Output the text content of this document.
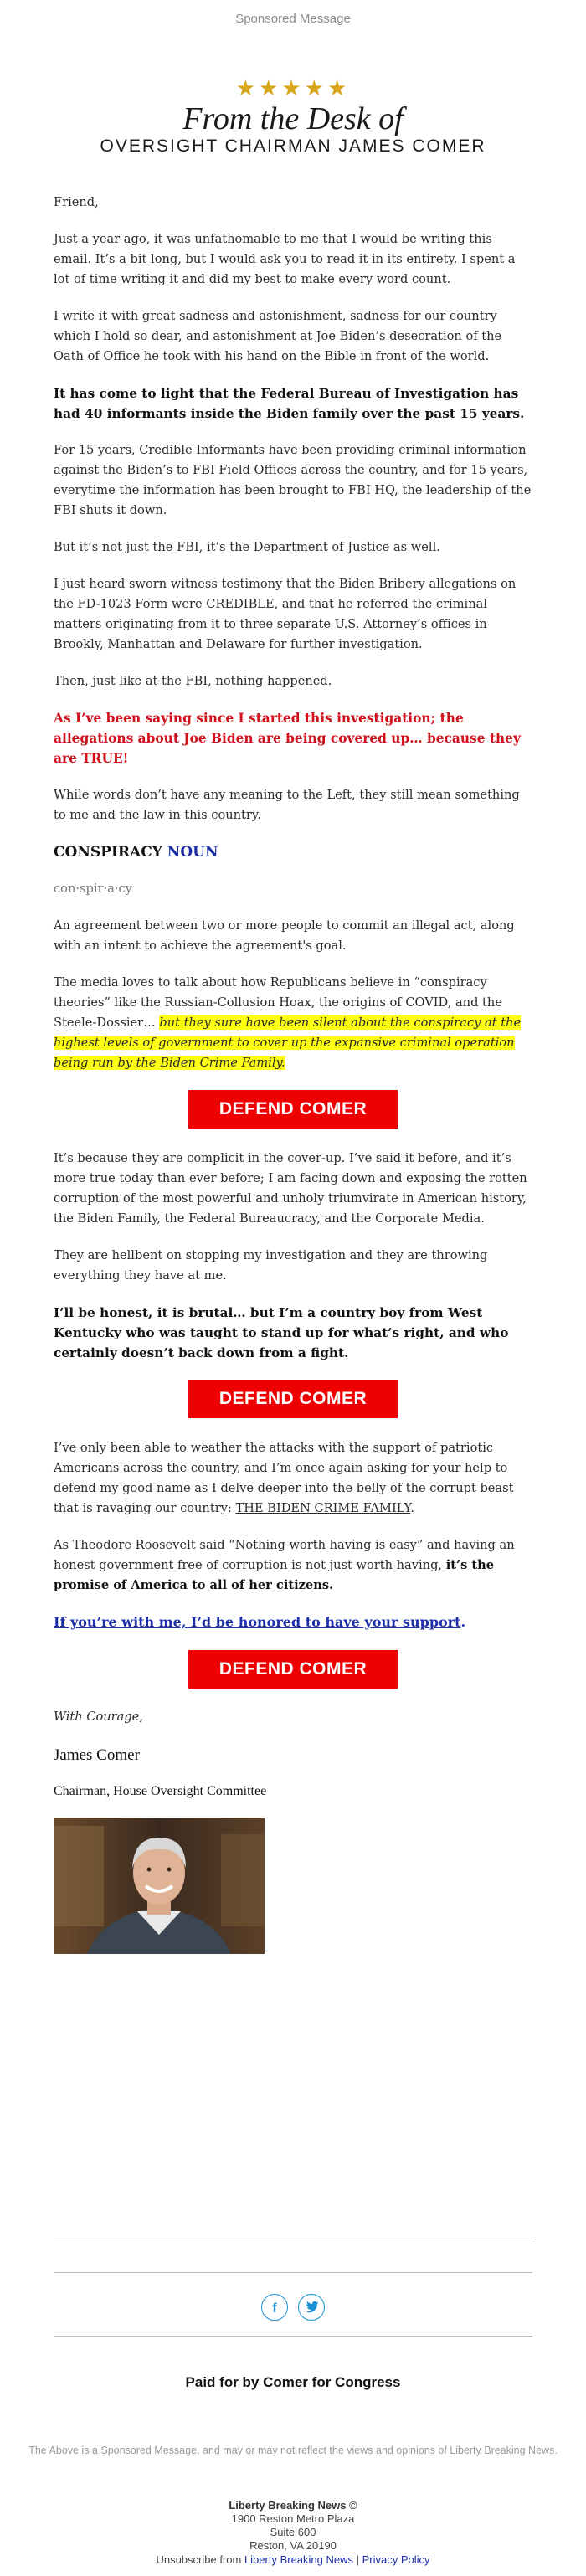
Sponsored Message
★★★★★
From the Desk of
OVERSIGHT CHAIRMAN JAMES COMER

Friend,

Just a year ago, it was unfathomable to me that I would be writing this email. It’s a bit long, but I would ask you to read it in its entirety. I spent a lot of time writing it and did my best to make every word count.

I write it with great sadness and astonishment, sadness for our country which I hold so dear, and astonishment at Joe Biden’s desecration of the Oath of Office he took with his hand on the Bible in front of the world.

It has come to light that the Federal Bureau of Investigation has had 40 informants inside the Biden family over the past 15 years.

For 15 years, Credible Informants have been providing criminal information against the Biden’s to FBI Field Offices across the country, and for 15 years, everytime the information has been brought to FBI HQ, the leadership of the FBI shuts it down.

But it’s not just the FBI, it’s the Department of Justice as well.

I just heard sworn witness testimony that the Biden Bribery allegations on the FD-1023 Form were CREDIBLE, and that he referred the criminal matters originating from it to three separate U.S. Attorney’s offices in Brookly, Manhattan and Delaware for further investigation.

Then, just like at the FBI, nothing happened.

As I’ve been saying since I started this investigation; the allegations about Joe Biden are being covered up… because they are TRUE!

While words don’t have any meaning to the Left, they still mean something to me and the law in this country.

CONSPIRACY NOUN

con·spir·a·cy

An agreement between two or more people to commit an illegal act, along with an intent to achieve the agreement's goal.

The media loves to talk about how Republicans believe in “conspiracy theories” like the Russian-Collusion Hoax, the origins of COVID, and the Steele-Dossier… but they sure have been silent about the conspiracy at the highest levels of government to cover up the expansive criminal operation being run by the Biden Crime Family.

DEFEND COMER

It’s because they are complicit in the cover-up. I’ve said it before, and it’s more true today than ever before; I am facing down and exposing the rotten corruption of the most powerful and unholy triumvirate in American history, the Biden Family, the Federal Bureaucracy, and the Corporate Media.

They are hellbent on stopping my investigation and they are throwing everything they have at me.

I’ll be honest, it is brutal… but I’m a country boy from West Kentucky who was taught to stand up for what’s right, and who certainly doesn’t back down from a fight.

DEFEND COMER

I’ve only been able to weather the attacks with the support of patriotic Americans across the country, and I’m once again asking for your help to defend my good name as I delve deeper into the belly of the corrupt beast that is ravaging our country: THE BIDEN CRIME FAMILY.

As Theodore Roosevelt said “Nothing worth having is easy” and having an honest government free of corruption is not just worth having, it’s the promise of America to all of her citizens.

If you’re with me, I’d be honored to have your support.

DEFEND COMER

With Courage,

James Comer

Chairman, House Oversight Committee

f

Paid for by Comer for Congress
The Above is a Sponsored Message, and may or may not reflect the views and opinions of Liberty Breaking News.
Liberty Breaking News ©
1900 Reston Metro Plaza
Suite 600
Reston, VA 20190
Unsubscribe from Liberty Breaking News | Privacy Policy
